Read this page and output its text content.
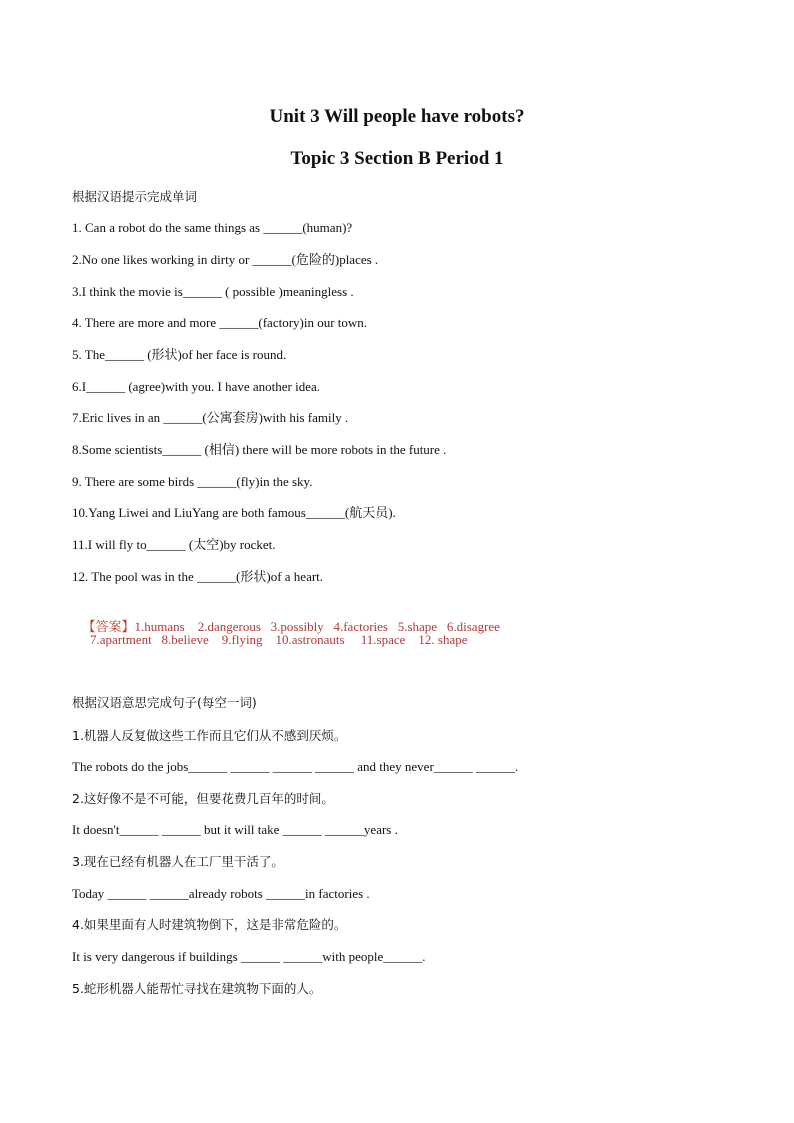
Unit 3 Will people have robots?
Topic 3 Section B Period 1
根据汉语提示完成单词
1. Can a robot do the same things as ______(human)?
2.No one likes working in dirty or ______(危险的)places .
3.I think the movie is______ ( possible )meaningless .
4. There are more and more ______(factory)in our town.
5. The______ (形状)of her face is round.
6.I______ (agree)with you. I have another idea.
7.Eric lives in an ______(公寓套房)with his family .
8.Some scientists______ (相信) there will be more robots in the future .
9. There are some birds ______(fly)in the sky.
10.Yang Liwei and LiuYang are both famous______(航天员).
11.I will fly to______ (太空)by rocket.
12. The pool was in the ______(形状)of a heart.

【答案】1.humans    2.dangerous   3.possibly   4.factories   5.shape   6.disagree

7.apartment   8.believe    9.flying    10.astronauts     11.space    12. shape
根据汉语意思完成句子(每空一词)
1.机器人反复做这些工作而且它们从不感到厌烦。
The robots do the jobs______ ______ ______ ______ and they never______ ______.
2.这好像不是不可能，但要花费几百年的时间。
It doesn't______ ______ but it will take ______ ______years .
3.现在已经有机器人在工厂里干活了。
Today ______ ______already robots ______in factories .
4.如果里面有人时建筑物倒下，这是非常危险的。
It is very dangerous if buildings ______ ______with people______.
5.蛇形机器人能帮忙寻找在建筑物下面的人。
